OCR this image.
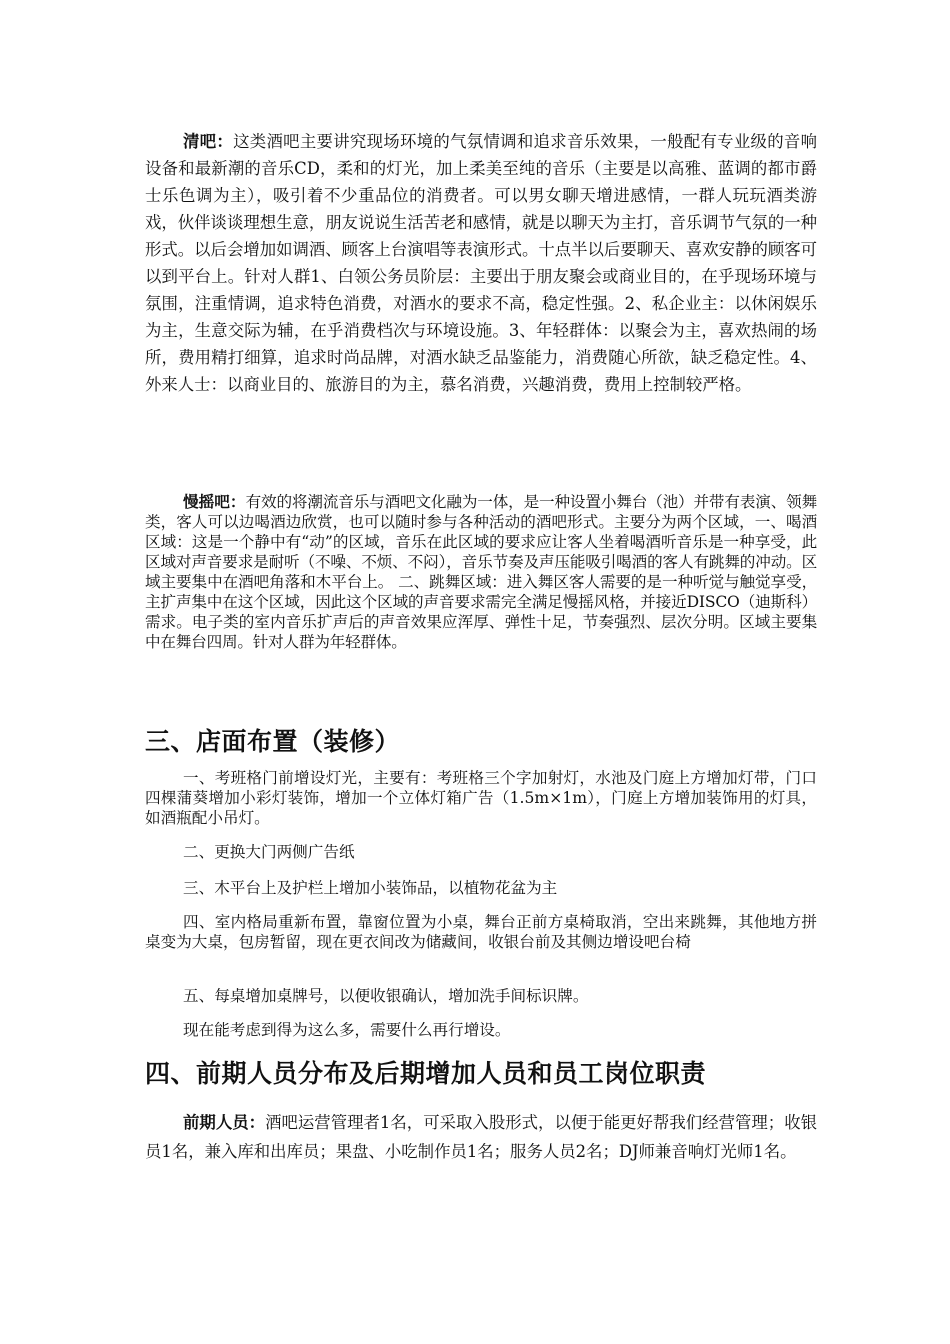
清吧：这类酒吧主要讲究现场环境的气氛情调和追求音乐效果，一般配有专业级的音响设备和最新潮的音乐CD，柔和的灯光，加上柔美至纯的音乐（主要是以高雅、蓝调的都市爵士乐色调为主），吸引着不少重品位的消费者。可以男女聊天增进感情，一群人玩玩酒类游戏，伙伴谈谈理想生意，朋友说说生活苦老和感情，就是以聊天为主打，音乐调节气氛的一种形式。以后会增加如调酒、顾客上台演唱等表演形式。十点半以后要聊天、喜欢安静的顾客可以到平台上。针对人群1、白领公务员阶层：主要出于朋友聚会或商业目的，在乎现场环境与氛围，注重情调，追求特色消费，对酒水的要求不高，稳定性强。2、私企业主：以休闲娱乐为主，生意交际为辅，在乎消费档次与环境设施。3、年轻群体：以聚会为主，喜欢热闹的场所，费用精打细算，追求时尚品牌，对酒水缺乏品鉴能力，消费随心所欲，缺乏稳定性。4、外来人士：以商业目的、旅游目的为主，慕名消费，兴趣消费，费用上控制较严格。

慢摇吧：有效的将潮流音乐与酒吧文化融为一体，是一种设置小舞台（池）并带有表演、领舞类，客人可以边喝酒边欣赏，也可以随时参与各种活动的酒吧形式。主要分为两个区域，一、喝酒区域：这是一个静中有“动”的区域，音乐在此区域的要求应让客人坐着喝酒听音乐是一种享受，此区域对声音要求是耐听（不噪、不烦、不闷），音乐节奏及声压能吸引喝酒的客人有跳舞的冲动。区域主要集中在酒吧角落和木平台上。 二、跳舞区域：进入舞区客人需要的是一种听觉与触觉享受，主扩声集中在这个区域，因此这个区域的声音要求需完全满足慢摇风格，并接近DISCO（迪斯科）需求。电子类的室内音乐扩声后的声音效果应浑厚、弹性十足，节奏强烈、层次分明。区域主要集中在舞台四周。针对人群为年轻群体。

三、店面布置（装修）

一、考班格门前增设灯光，主要有：考班格三个字加射灯，水池及门庭上方增加灯带，门口四棵蒲葵增加小彩灯装饰，增加一个立体灯箱广告（1.5m×1m），门庭上方增加装饰用的灯具，如酒瓶配小吊灯。

二、更换大门两侧广告纸

三、木平台上及护栏上增加小装饰品，以植物花盆为主

四、室内格局重新布置，靠窗位置为小桌，舞台正前方桌椅取消，空出来跳舞，其他地方拼桌变为大桌，包房暂留，现在更衣间改为储藏间，收银台前及其侧边增设吧台椅

五、每桌增加桌牌号，以便收银确认，增加洗手间标识牌。

现在能考虑到得为这么多，需要什么再行增设。

四、前期人员分布及后期增加人员和员工岗位职责

前期人员：酒吧运营管理者1名，可采取入股形式，以便于能更好帮我们经营管理；收银员1名，兼入库和出库员；果盘、小吃制作员1名；服务人员2名；DJ师兼音响灯光师1名。
